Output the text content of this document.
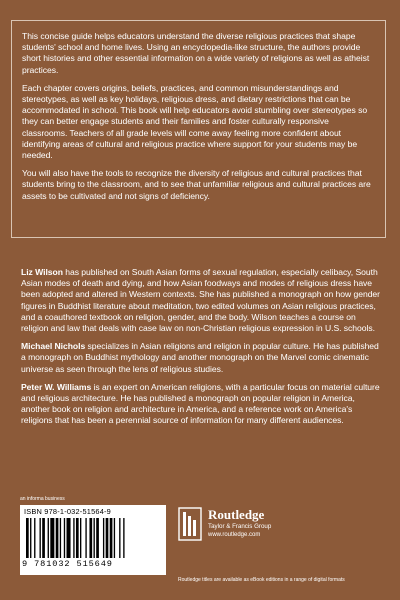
This concise guide helps educators understand the diverse religious practices that shape students' school and home lives. Using an encyclopedia-like structure, the authors provide short histories and other essential information on a wide variety of religions as well as atheist practices.

Each chapter covers origins, beliefs, practices, and common misunderstandings and stereotypes, as well as key holidays, religious dress, and dietary restrictions that can be accommodated in school. This book will help educators avoid stumbling over stereotypes so they can better engage students and their families and foster culturally responsive classrooms. Teachers of all grade levels will come away feeling more confident about identifying areas of cultural and religious practice where support for your students may be needed.

You will also have the tools to recognize the diversity of religious and cultural practices that students bring to the classroom, and to see that unfamiliar religious and cultural practices are assets to be cultivated and not signs of deficiency.

Liz Wilson has published on South Asian forms of sexual regulation, especially celibacy, South Asian modes of death and dying, and how Asian foodways and modes of religious dress have been adopted and altered in Western contexts. She has published a monograph on how gender figures in Buddhist literature about meditation, two edited volumes on Asian religious practices, and a coauthored textbook on religion, gender, and the body. Wilson teaches a course on religion and law that deals with case law on non-Christian religious expression in U.S. schools.

Michael Nichols specializes in Asian religions and religion in popular culture. He has published a monograph on Buddhist mythology and another monograph on the Marvel comic cinematic universe as seen through the lens of religious studies.

Peter W. Williams is an expert on American religions, with a particular focus on material culture and religious architecture. He has published a monograph on popular religion in America, another book on religion and architecture in America, and a reference work on America's religions that has been a perennial source of information for many different audiences.

an informa business
ISBN 978-1-032-51564-9
9 781032 515649
Routledge
Taylor & Francis Group
www.routledge.com
Routledge titles are available as eBook editions in a range of digital formats
